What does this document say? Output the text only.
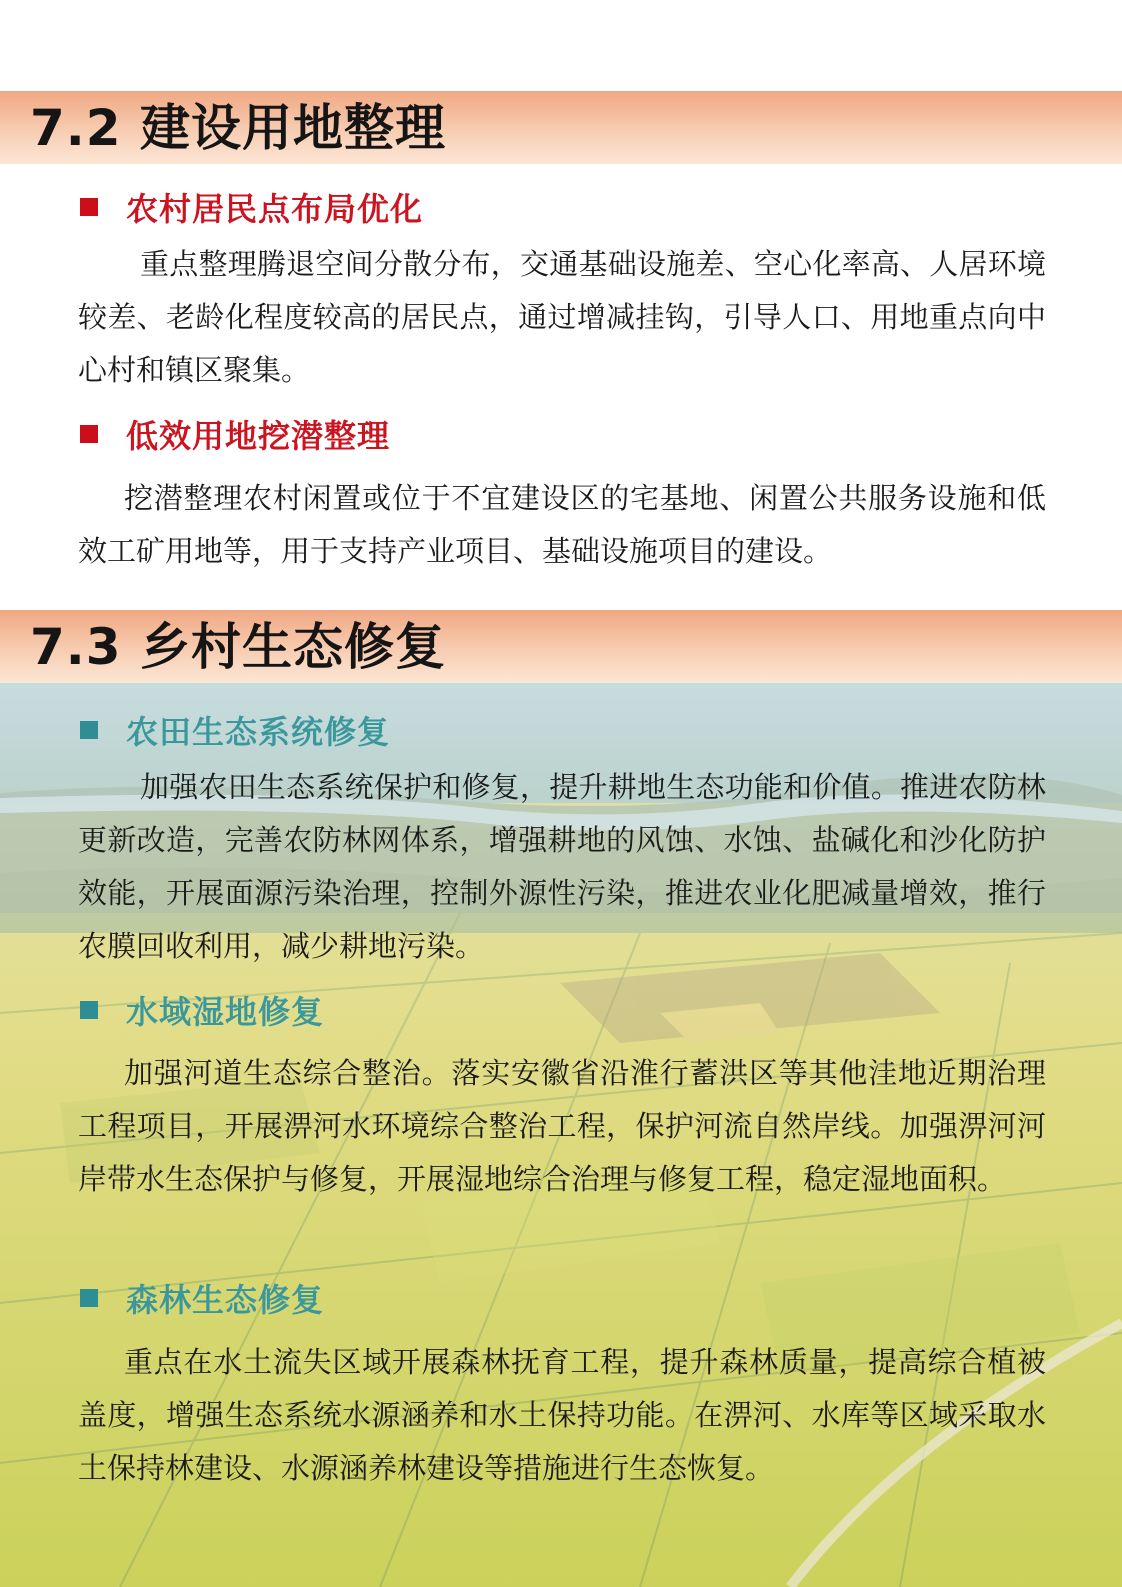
7.2 建设用地整理
农村居民点布局优化

重点整理腾退空间分散分布，交通基础设施差、空心化率高、人居环境较差、老龄化程度较高的居民点，通过增减挂钩，引导人口、用地重点向中心村和镇区聚集。

低效用地挖潜整理

挖潜整理农村闲置或位于不宜建设区的宅基地、闲置公共服务设施和低效工矿用地等，用于支持产业项目、基础设施项目的建设。

7.3 乡村生态修复
农田生态系统修复

加强农田生态系统保护和修复，提升耕地生态功能和价值。推进农防林更新改造，完善农防林网体系，增强耕地的风蚀、水蚀、盐碱化和沙化防护效能，开展面源污染治理，控制外源性污染，推进农业化肥减量增效，推行农膜回收利用，减少耕地污染。

水域湿地修复

加强河道生态综合整治。落实安徽省沿淮行蓄洪区等其他洼地近期治理工程项目，开展淠河水环境综合整治工程，保护河流自然岸线。加强淠河河岸带水生态保护与修复，开展湿地综合治理与修复工程，稳定湿地面积。

森林生态修复

重点在水土流失区域开展森林抚育工程，提升森林质量，提高综合植被盖度，增强生态系统水源涵养和水土保持功能。在淠河、水库等区域采取水土保持林建设、水源涵养林建设等措施进行生态恢复。
